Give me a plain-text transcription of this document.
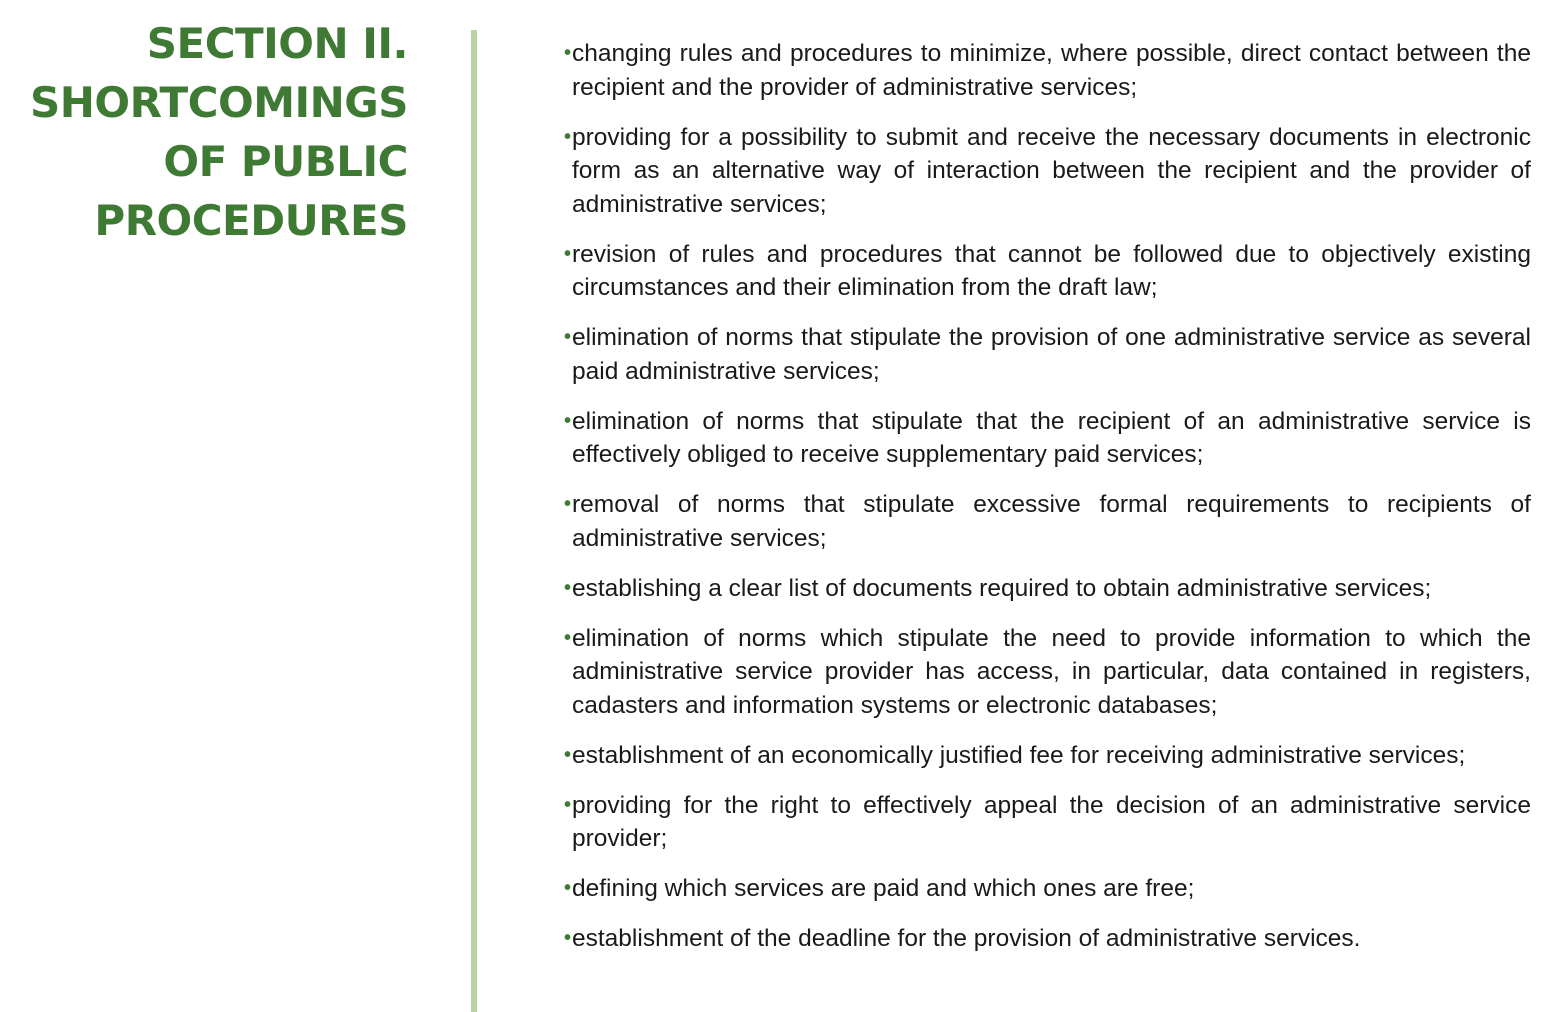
SECTION II.
SHORTCOMINGS
OF PUBLIC
PROCEDURES
• changing rules and procedures to minimize, where possible, direct contact between the recipient and the provider of administrative services;
• providing for a possibility to submit and receive the necessary documents in electronic form as an alternative way of interaction between the recipient and the provider of administrative services;
• revision of rules and procedures that cannot be followed due to objectively existing circumstances and their elimination from the draft law;
• elimination of norms that stipulate the provision of one administrative service as several paid administrative services;
• elimination of norms that stipulate that the recipient of an administrative service is effectively obliged to receive supplementary paid services;
• removal of norms that stipulate excessive formal requirements to recipients of administrative services;
• establishing a clear list of documents required to obtain administrative services;
• elimination of norms which stipulate the need to provide information to which the administrative service provider has access, in particular, data contained in registers, cadasters and information systems or electronic databases;
• establishment of an economically justified fee for receiving administrative services;
• providing for the right to effectively appeal the decision of an administrative service provider;
• defining which services are paid and which ones are free;
• establishment of the deadline for the provision of administrative services.
